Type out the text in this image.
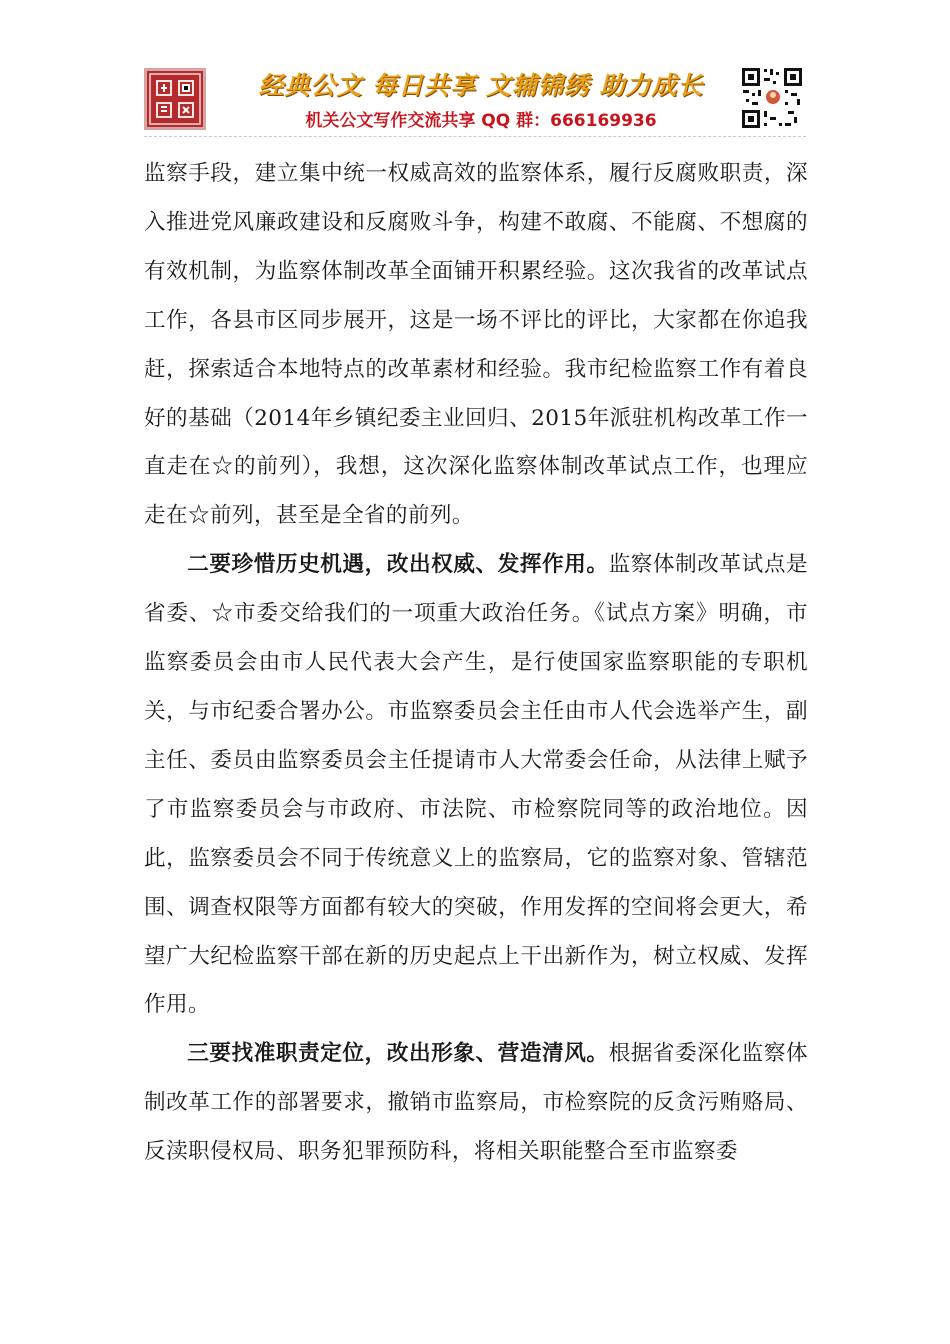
经典公文 每日共享 文辅锦绣 助力成长
机关公文写作交流共享 QQ 群：666169936

监察手段，建立集中统一权威高效的监察体系，履行反腐败职责，深入推进党风廉政建设和反腐败斗争，构建不敢腐、不能腐、不想腐的有效机制，为监察体制改革全面铺开积累经验。这次我省的改革试点工作，各县市区同步展开，这是一场不评比的评比，大家都在你追我赶，探索适合本地特点的改革素材和经验。我市纪检监察工作有着良好的基础（2014年乡镇纪委主业回归、2015年派驻机构改革工作一直走在☆的前列），我想，这次深化监察体制改革试点工作，也理应走在☆前列，甚至是全省的前列。

二要珍惜历史机遇，改出权威、发挥作用。监察体制改革试点是省委、☆市委交给我们的一项重大政治任务。《试点方案》明确，市监察委员会由市人民代表大会产生，是行使国家监察职能的专职机关，与市纪委合署办公。市监察委员会主任由市人代会选举产生，副主任、委员由监察委员会主任提请市人大常委会任命，从法律上赋予了市监察委员会与市政府、市法院、市检察院同等的政治地位。因此，监察委员会不同于传统意义上的监察局，它的监察对象、管辖范围、调查权限等方面都有较大的突破，作用发挥的空间将会更大，希望广大纪检监察干部在新的历史起点上干出新作为，树立权威、发挥作用。

三要找准职责定位，改出形象、营造清风。根据省委深化监察体制改革工作的部署要求，撤销市监察局，市检察院的反贪污贿赂局、反渎职侵权局、职务犯罪预防科，将相关职能整合至市监察委
